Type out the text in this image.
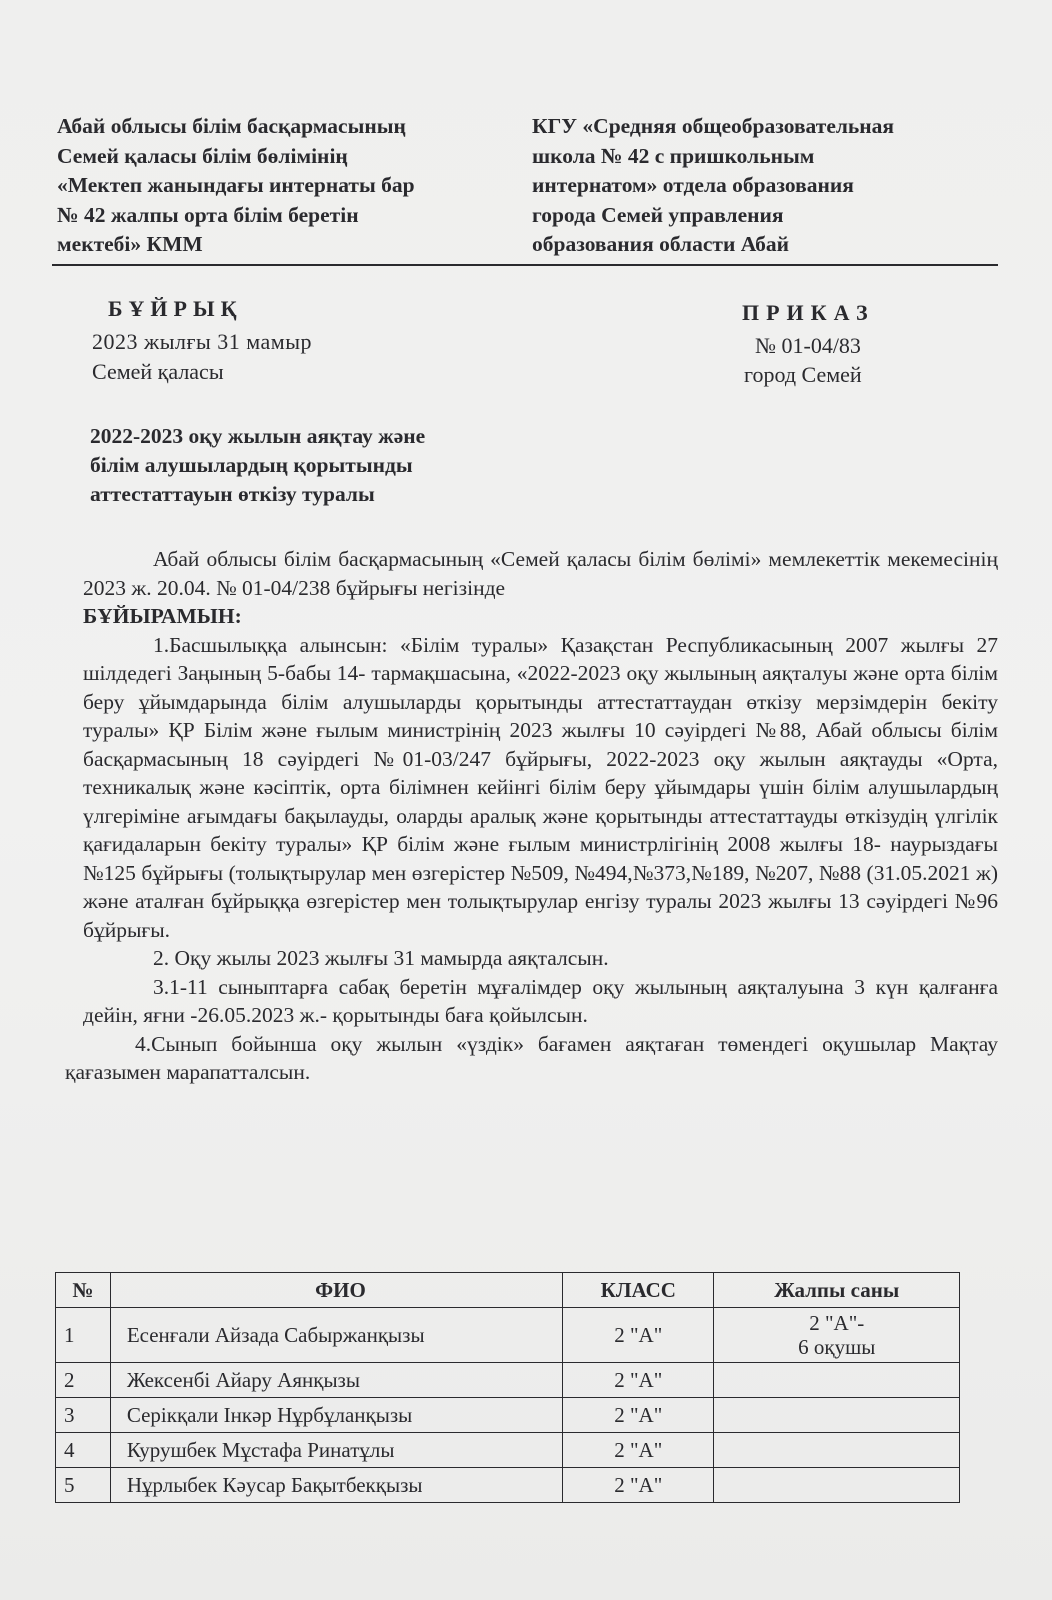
Абай облысы білім басқармасының
Семей қаласы білім бөлімінің
«Мектеп жанындағы интернаты бар
№ 42 жалпы орта білім беретін
мектебі» КММ
КГУ «Средняя общеобразовательная
школа № 42 с пришкольным
интернатом» отдела образования
города Семей управления
образования области Абай
БҰЙРЫҚ
2023 жылғы 31 мамыр
Семей қаласы
ПРИКАЗ
№ 01-04/83
город Семей
2022-2023 оқу жылын аяқтау және
білім алушылардың қорытынды
аттестаттауын өткізу туралы

Абай облысы білім басқармасының «Семей қаласы білім бөлімі» мемлекеттік мекемесінің 2023 ж. 20.04. № 01-04/238 бұйрығы негізінде

БҰЙЫРАМЫН:

1.Басшылыққа алынсын: «Білім туралы» Қазақстан Республикасының 2007 жылғы 27 шілдедегі Заңының 5-бабы 14- тармақшасына, «2022-2023 оқу жылының аяқталуы және орта білім беру ұйымдарында білім алушыларды қорытынды аттестаттаудан өткізу мерзімдерін бекіту туралы» ҚР Білім және ғылым министрінің 2023 жылғы 10 сәуірдегі №88, Абай облысы білім басқармасының 18 сәуірдегі №01-03/247 бұйрығы, 2022-2023 оқу жылын аяқтауды «Орта, техникалық және кәсіптік, орта білімнен кейінгі білім беру ұйымдары үшін білім алушылардың үлгеріміне ағымдағы бақылауды, оларды аралық және қорытынды аттестаттауды өткізудің үлгілік қағидаларын бекіту туралы» ҚР білім және ғылым министрлігінің 2008 жылғы 18- наурыздағы №125 бұйрығы (толықтырулар мен өзгерістер №509, №494,№373,№189, №207, №88 (31.05.2021 ж) және аталған бұйрыққа өзгерістер мен толықтырулар енгізу туралы 2023 жылғы 13 сәуірдегі №96 бұйрығы.

2. Оқу жылы 2023 жылғы 31 мамырда аяқталсын.

3.1-11 сыныптарға сабақ беретін мұғалімдер оқу жылының аяқталуына 3 күн қалғанға дейін, яғни -26.05.2023 ж.- қорытынды баға қойылсын.

4.Сынып бойынша оқу жылын «үздік» бағамен аяқтаған төмендегі оқушылар Мақтау қағазымен марапатталсын.

№	ФИО	КЛАСС	Жалпы саны
1	Есенғали Айзада Сабыржанқызы	2 "А"	2 "А"-
6 оқушы
2	Жексенбі Айару Аянқызы	2 "А"	
3	Серікқали Інкәр Нұрбұланқызы	2 "А"	
4	Курушбек Мұстафа Ринатұлы	2 "А"	
5	Нұрлыбек Кәусар Бақытбекқызы	2 "А"	
